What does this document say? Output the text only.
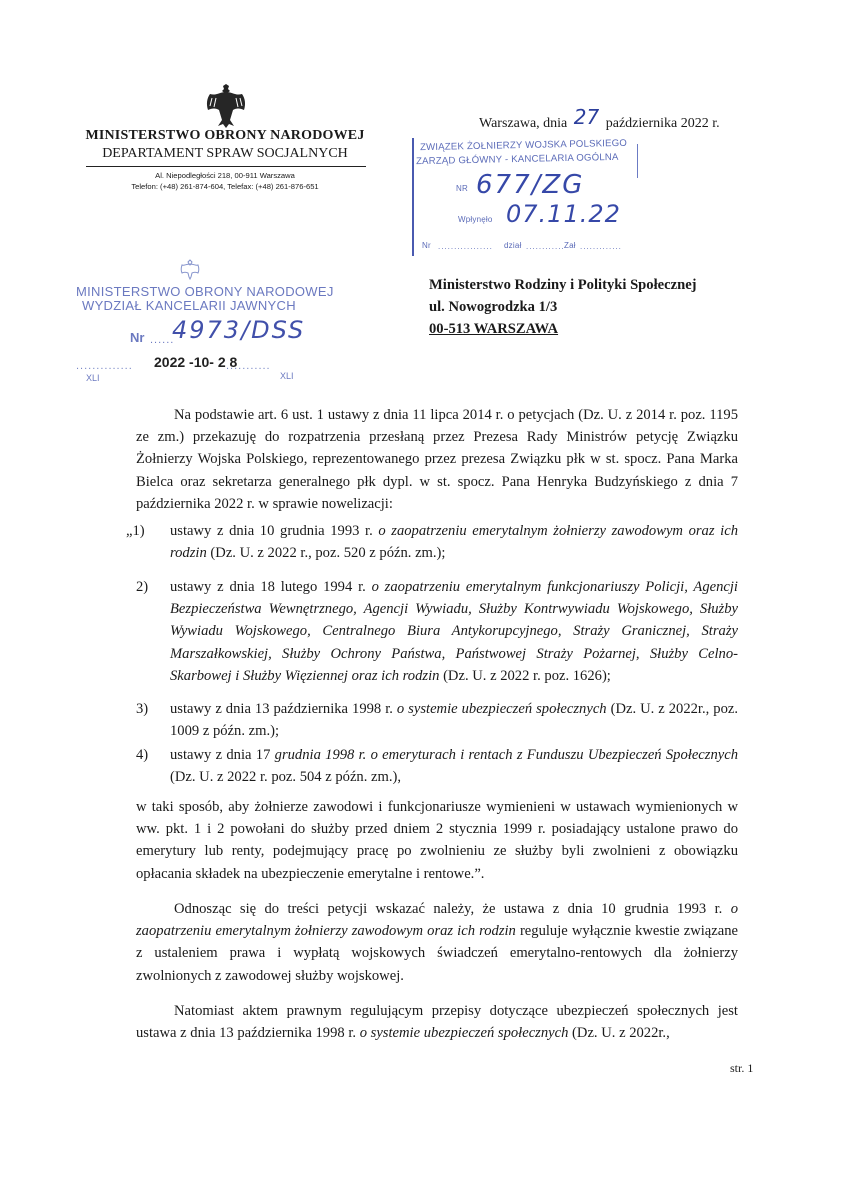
MINISTERSTWO OBRONY NARODOWEJ
DEPARTAMENT SPRAW SOCJALNYCH
Al. Niepodległości 218, 00-911 Warszawa
Telefon: (+48) 261-874-604, Telefax: (+48) 261-876-651
Warszawa, dnia 27 października 2022 r.
ZWIĄZEK ŻOŁNIERZY WOJSKA POLSKIEGO
ZARZĄD GŁÓWNY - KANCELARIA OGÓLNA
NR 677/ZG
Wpłynęło 07.11.22
Nr ................. dział ............ Zał .............
MINISTERSTWO OBRONY NARODOWEJ
WYDZIAŁ KANCELARII JAWNYCH
Nr ......
4973/DSS
.............. 2022 -10- 2 8
...........
XLI	XLI
Ministerstwo Rodziny i Polityki Społecznej
ul. Nowogrodzka 1/3
00-513 WARSZAWA
Na podstawie art. 6 ust. 1 ustawy z dnia 11 lipca 2014 r. o petycjach (Dz. U. z 2014 r. poz. 1195 ze zm.) przekazuję do rozpatrzenia przesłaną przez Prezesa Rady Ministrów petycję Związku Żołnierzy Wojska Polskiego, reprezentowanego przez prezesa Związku płk w st. spocz. Pana Marka Bielca oraz sekretarza generalnego płk dypl. w st. spocz. Pana Henryka Budzyńskiego z dnia 7 października 2022 r. w sprawie nowelizacji:
„1) ustawy z dnia 10 grudnia 1993 r. o zaopatrzeniu emerytalnym żołnierzy zawodowym oraz ich rodzin (Dz. U. z 2022 r., poz. 520 z późn. zm.);
2) ustawy z dnia 18 lutego 1994 r. o zaopatrzeniu emerytalnym funkcjonariuszy Policji, Agencji Bezpieczeństwa Wewnętrznego, Agencji Wywiadu, Służby Kontrwywiadu Wojskowego, Służby Wywiadu Wojskowego, Centralnego Biura Antykorupcyjnego, Straży Granicznej, Straży Marszałkowskiej, Służby Ochrony Państwa, Państwowej Straży Pożarnej, Służby Celno-Skarbowej i Służby Więziennej oraz ich rodzin (Dz. U. z 2022 r. poz. 1626);
3) ustawy z dnia 13 października 1998 r. o systemie ubezpieczeń społecznych (Dz. U. z 2022r., poz. 1009 z późn. zm.);
4) ustawy z dnia 17 grudnia 1998 r. o emeryturach i rentach z Funduszu Ubezpieczeń Społecznych (Dz. U. z 2022 r. poz. 504 z późn. zm.),
w taki sposób, aby żołnierze zawodowi i funkcjonariusze wymienieni w ustawach wymienionych w ww. pkt. 1 i 2 powołani do służby przed dniem 2 stycznia 1999 r. posiadający ustalone prawo do emerytury lub renty, podejmujący pracę po zwolnieniu ze służby byli zwolnieni z obowiązku opłacania składek na ubezpieczenie emerytalne i rentowe.”.
Odnosząc się do treści petycji wskazać należy, że ustawa z dnia 10 grudnia 1993 r. o zaopatrzeniu emerytalnym żołnierzy zawodowym oraz ich rodzin reguluje wyłącznie kwestie związane z ustaleniem prawa i wypłatą wojskowych świadczeń emerytalno-rentowych dla żołnierzy zwolnionych z zawodowej służby wojskowej.
Natomiast aktem prawnym regulującym przepisy dotyczące ubezpieczeń społecznych jest ustawa z dnia 13 października 1998 r. o systemie ubezpieczeń społecznych (Dz. U. z 2022r.,
str. 1
